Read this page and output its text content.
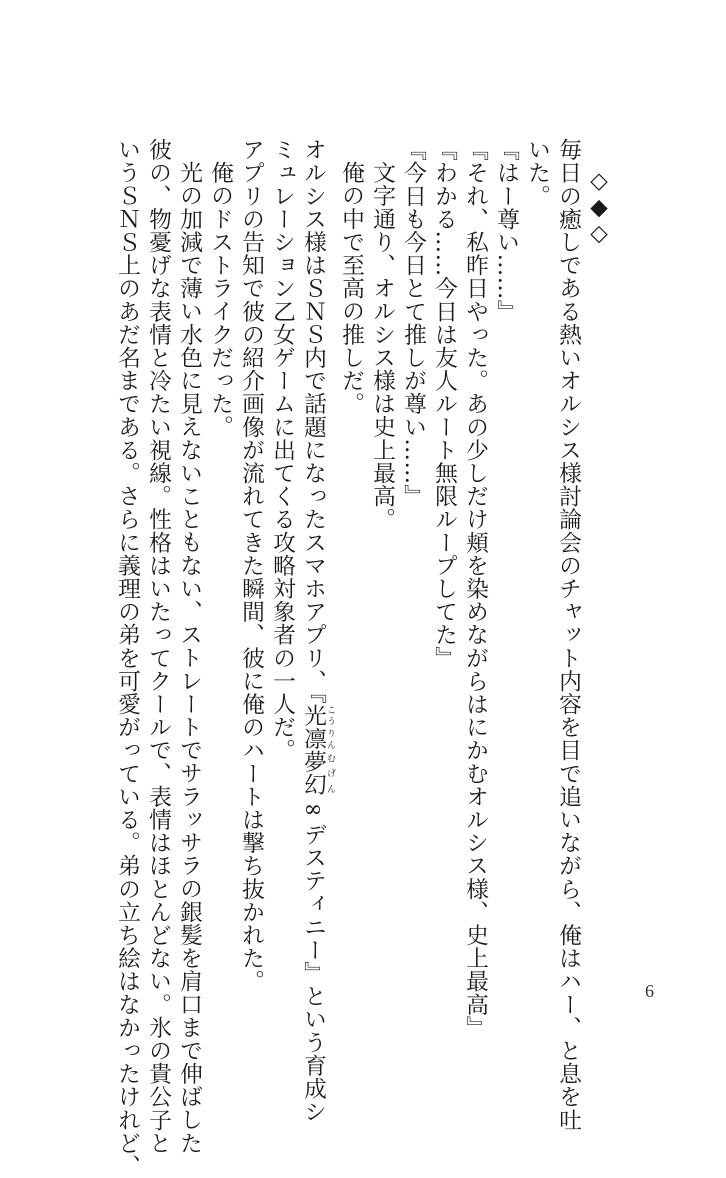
◇◆◇
毎日の癒しである熱いオルシス様討論会のチャット内容を目で追いながら、俺はハー、と息を吐
いた。
『はー尊い……』
『それ、私昨日やった。あの少しだけ頬を染めながらはにかむオルシス様、史上最高』
『わかる……今日は友人ルート無限ループしてた』
『今日も今日とて推しが尊い……』
文字通り、オルシス様は史上最高。
俺の中で至高の推しだ。
オルシス様はＳＮＳ内で話題になったスマホアプリ、『光凛 こうりん夢幻 むげん∞デスティニー』という育成シ
ミュレーション乙女ゲームに出てくる攻略対象者の一人だ。
アプリの告知で彼の紹介画像が流れてきた瞬間、彼に俺のハートは撃ち抜かれた。
俺のドストライクだった。
光の加減で薄い水色に見えないこともない、ストレートでサラッサラの銀髪を肩口まで伸ばした
彼の、物憂げな表情と冷たい視線。性格はいたってクールで、表情はほとんどない。氷の貴公子と
いうＳＮＳ上のあだ名まである。さらに義理の弟を可愛がっている。弟の立ち絵はなかったけれど、	6
